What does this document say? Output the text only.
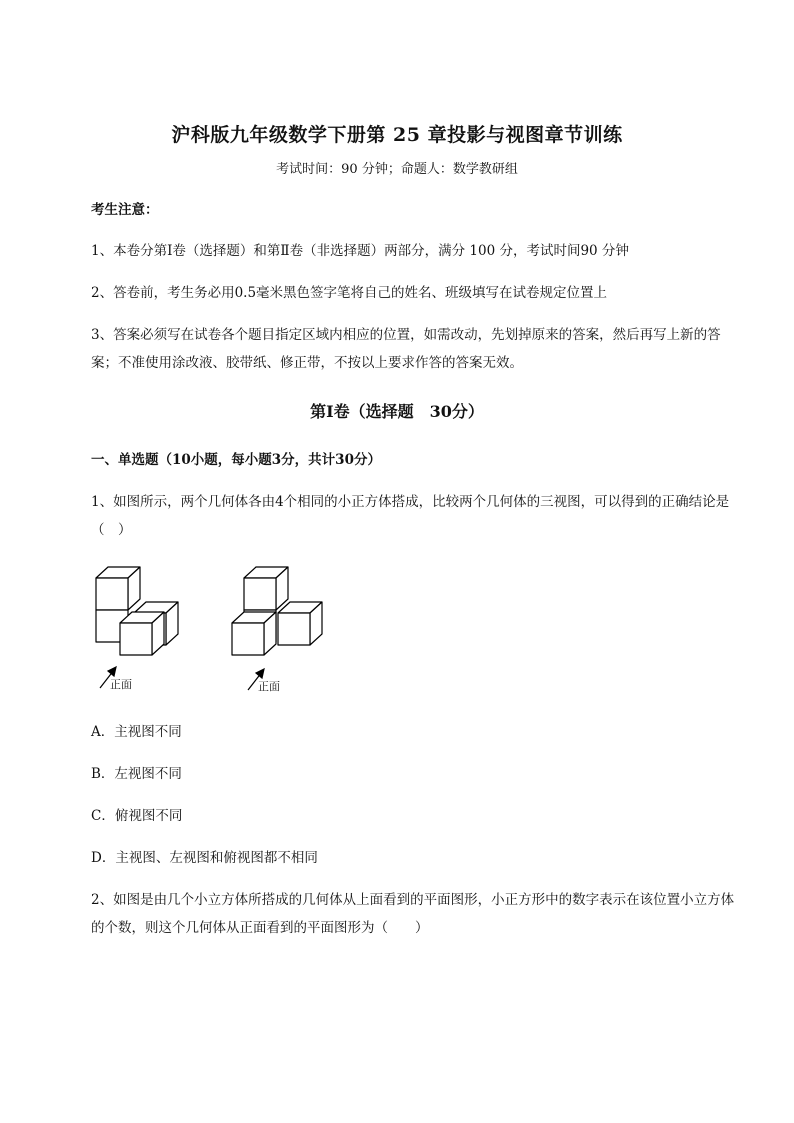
沪科版九年级数学下册第 25 章投影与视图章节训练
考试时间：90 分钟；命题人：数学教研组
考生注意：
1、本卷分第Ⅰ卷（选择题）和第Ⅱ卷（非选择题）两部分，满分 100 分，考试时间90 分钟
2、答卷前，考生务必用0.5毫米黑色签字笔将自己的姓名、班级填写在试卷规定位置上
3、答案必须写在试卷各个题目指定区域内相应的位置，如需改动，先划掉原来的答案，然后再写上新的答案；不准使用涂改液、胶带纸、修正带，不按以上要求作答的答案无效。
第Ⅰ卷（选择题　30分）
一、单选题（10小题，每小题3分，共计30分）
1、如图所示，两个几何体各由4个相同的小正方体搭成，比较两个几何体的三视图，可以得到的正确结论是（　）
正面	正面
A．主视图不同
B．左视图不同
C．俯视图不同
D．主视图、左视图和俯视图都不相同
2、如图是由几个小立方体所搭成的几何体从上面看到的平面图形，小正方形中的数字表示在该位置小立方体的个数，则这个几何体从正面看到的平面图形为（　　）
